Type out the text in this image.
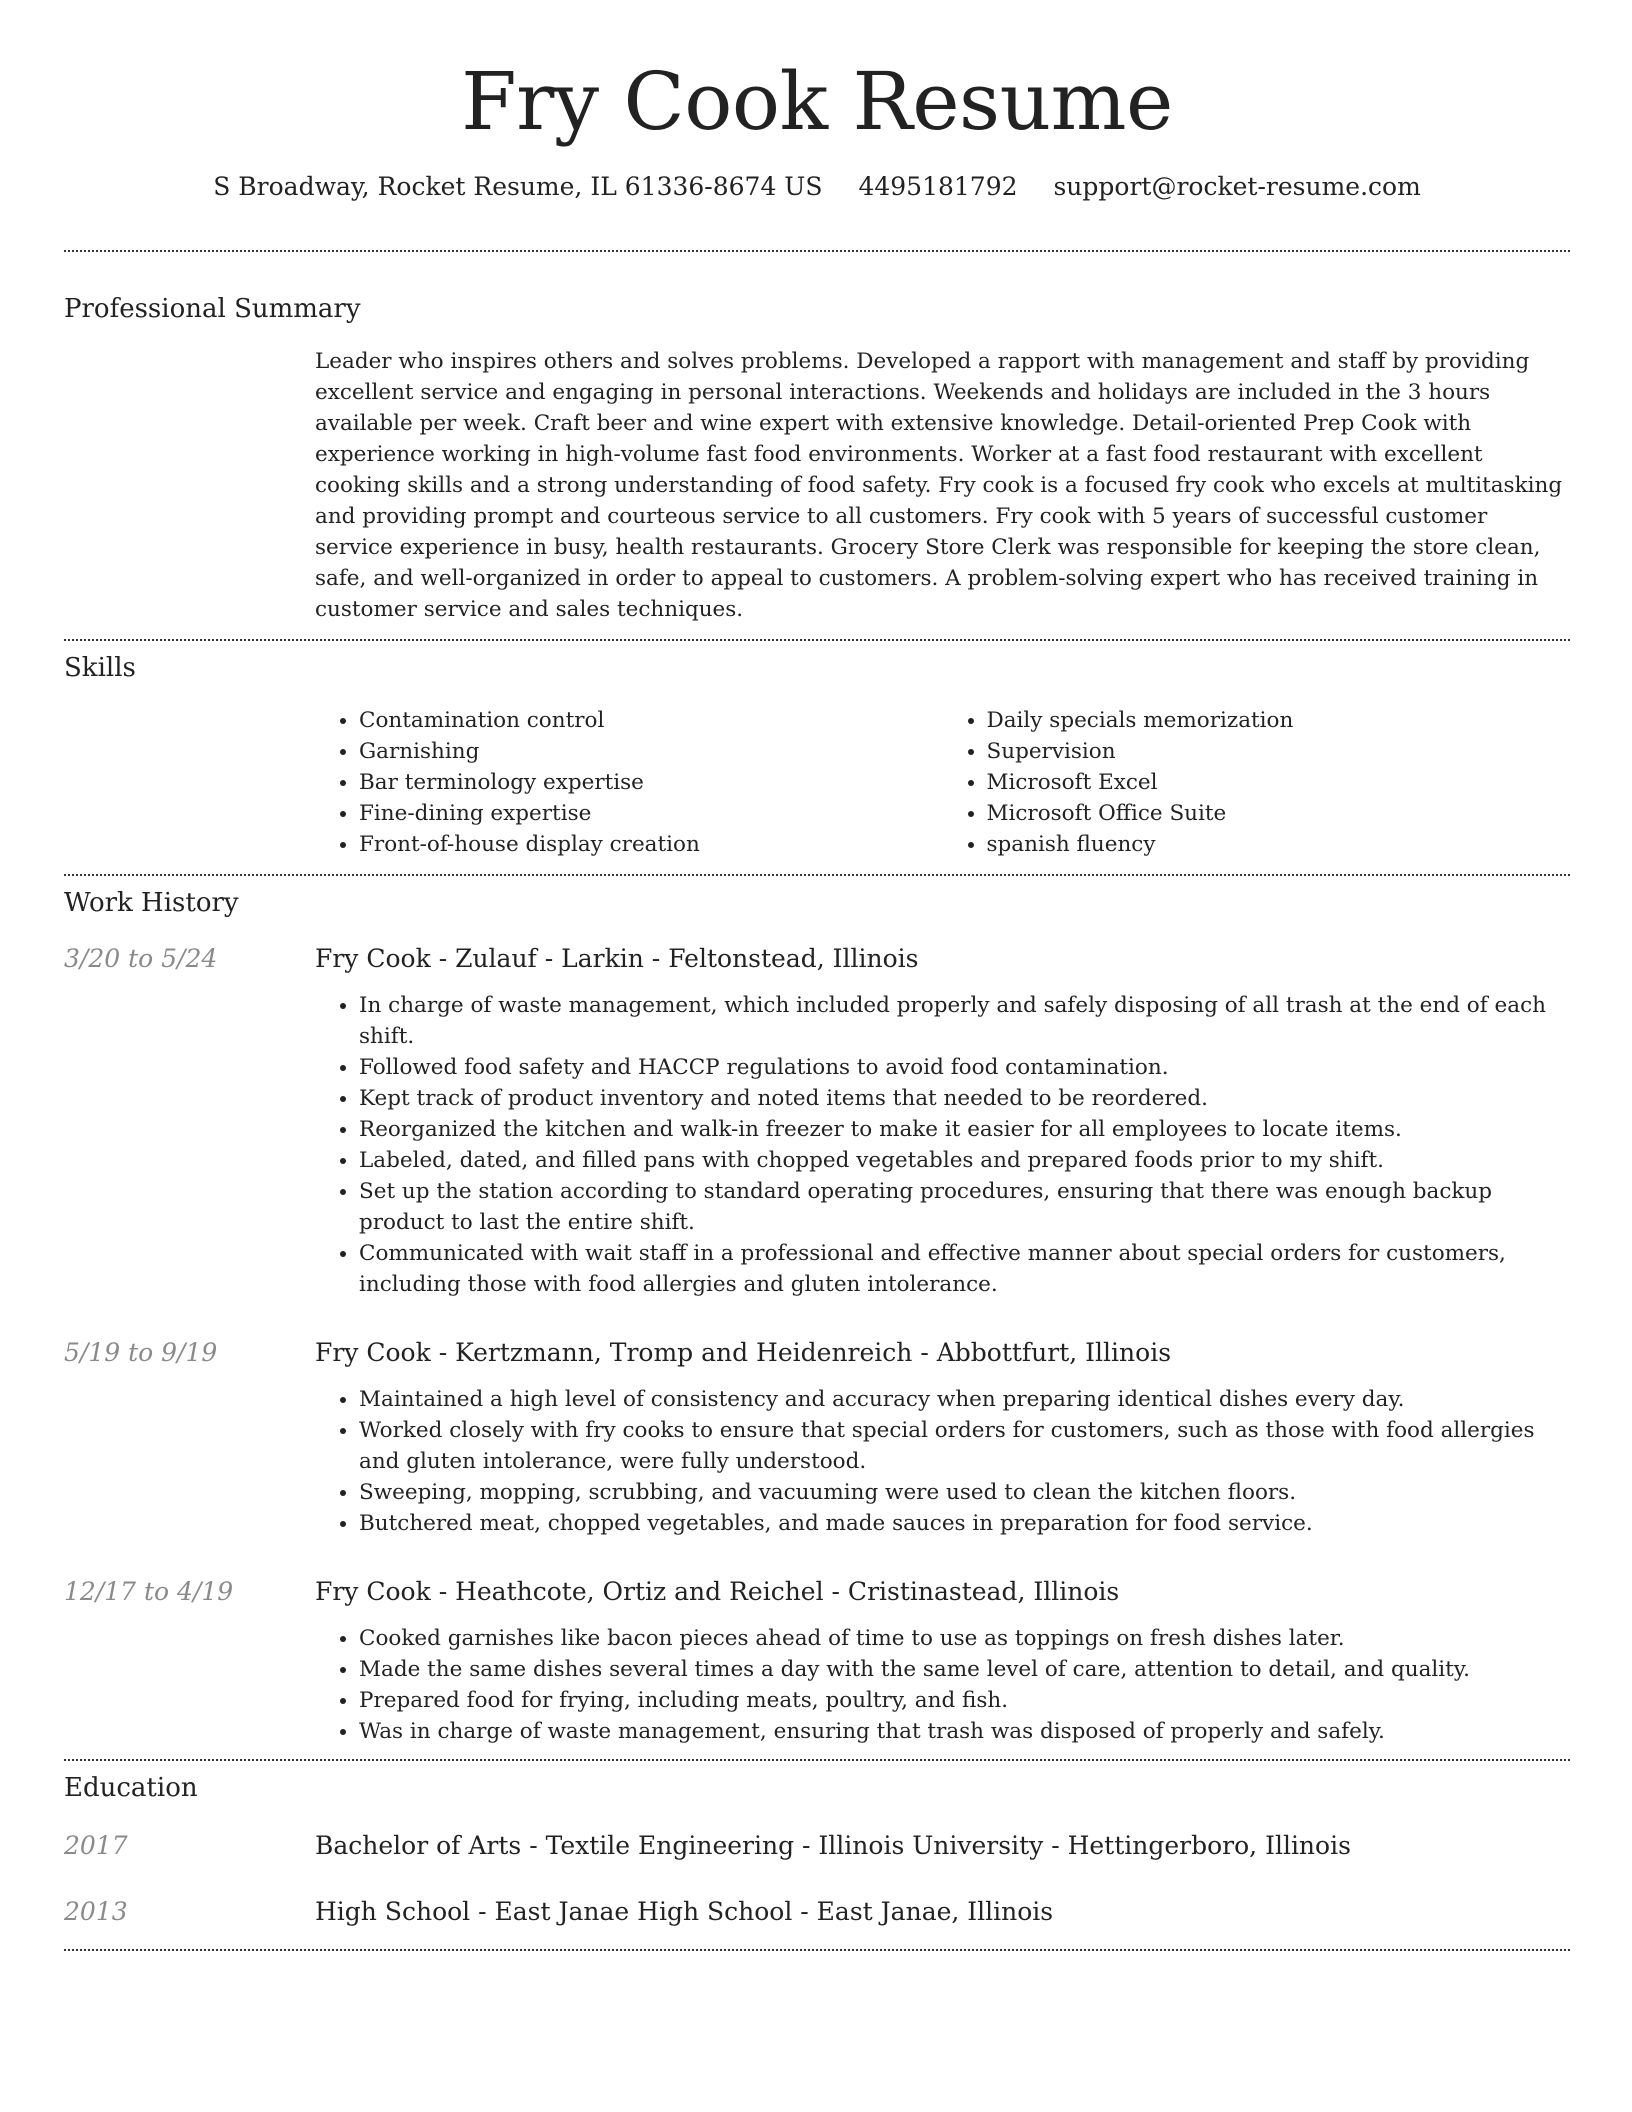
Fry Cook Resume
S Broadway, Rocket Resume, IL 61336-8674 US 4495181792 support@rocket-resume.com
Professional Summary
Leader who inspires others and solves problems. Developed a rapport with management and staff by providing excellent service and engaging in personal interactions. Weekends and holidays are included in the 3 hours available per week. Craft beer and wine expert with extensive knowledge. Detail-oriented Prep Cook with experience working in high-volume fast food environments. Worker at a fast food restaurant with excellent cooking skills and a strong understanding of food safety. Fry cook is a focused fry cook who excels at multitasking and providing prompt and courteous service to all customers. Fry cook with 5 years of successful customer service experience in busy, health restaurants. Grocery Store Clerk was responsible for keeping the store clean, safe, and well-organized in order to appeal to customers. A problem-solving expert who has received training in customer service and sales techniques.
Skills
• Contamination control
• Garnishing
• Bar terminology expertise
• Fine-dining expertise
• Front-of-house display creation
• Daily specials memorization
• Supervision
• Microsoft Excel
• Microsoft Office Suite
• spanish fluency
Work History
3/20 to 5/24	Fry Cook - Zulauf - Larkin - Feltonstead, Illinois
• In charge of waste management, which included properly and safely disposing of all trash at the end of each shift.
• Followed food safety and HACCP regulations to avoid food contamination.
• Kept track of product inventory and noted items that needed to be reordered.
• Reorganized the kitchen and walk-in freezer to make it easier for all employees to locate items.
• Labeled, dated, and filled pans with chopped vegetables and prepared foods prior to my shift.
• Set up the station according to standard operating procedures, ensuring that there was enough backup product to last the entire shift.
• Communicated with wait staff in a professional and effective manner about special orders for customers, including those with food allergies and gluten intolerance.
5/19 to 9/19	Fry Cook - Kertzmann, Tromp and Heidenreich - Abbottfurt, Illinois
• Maintained a high level of consistency and accuracy when preparing identical dishes every day.
• Worked closely with fry cooks to ensure that special orders for customers, such as those with food allergies and gluten intolerance, were fully understood.
• Sweeping, mopping, scrubbing, and vacuuming were used to clean the kitchen floors.
• Butchered meat, chopped vegetables, and made sauces in preparation for food service.
12/17 to 4/19	Fry Cook - Heathcote, Ortiz and Reichel - Cristinastead, Illinois
• Cooked garnishes like bacon pieces ahead of time to use as toppings on fresh dishes later.
• Made the same dishes several times a day with the same level of care, attention to detail, and quality.
• Prepared food for frying, including meats, poultry, and fish.
• Was in charge of waste management, ensuring that trash was disposed of properly and safely.
Education
2017	Bachelor of Arts - Textile Engineering - Illinois University - Hettingerboro, Illinois
2013	High School - East Janae High School - East Janae, Illinois
